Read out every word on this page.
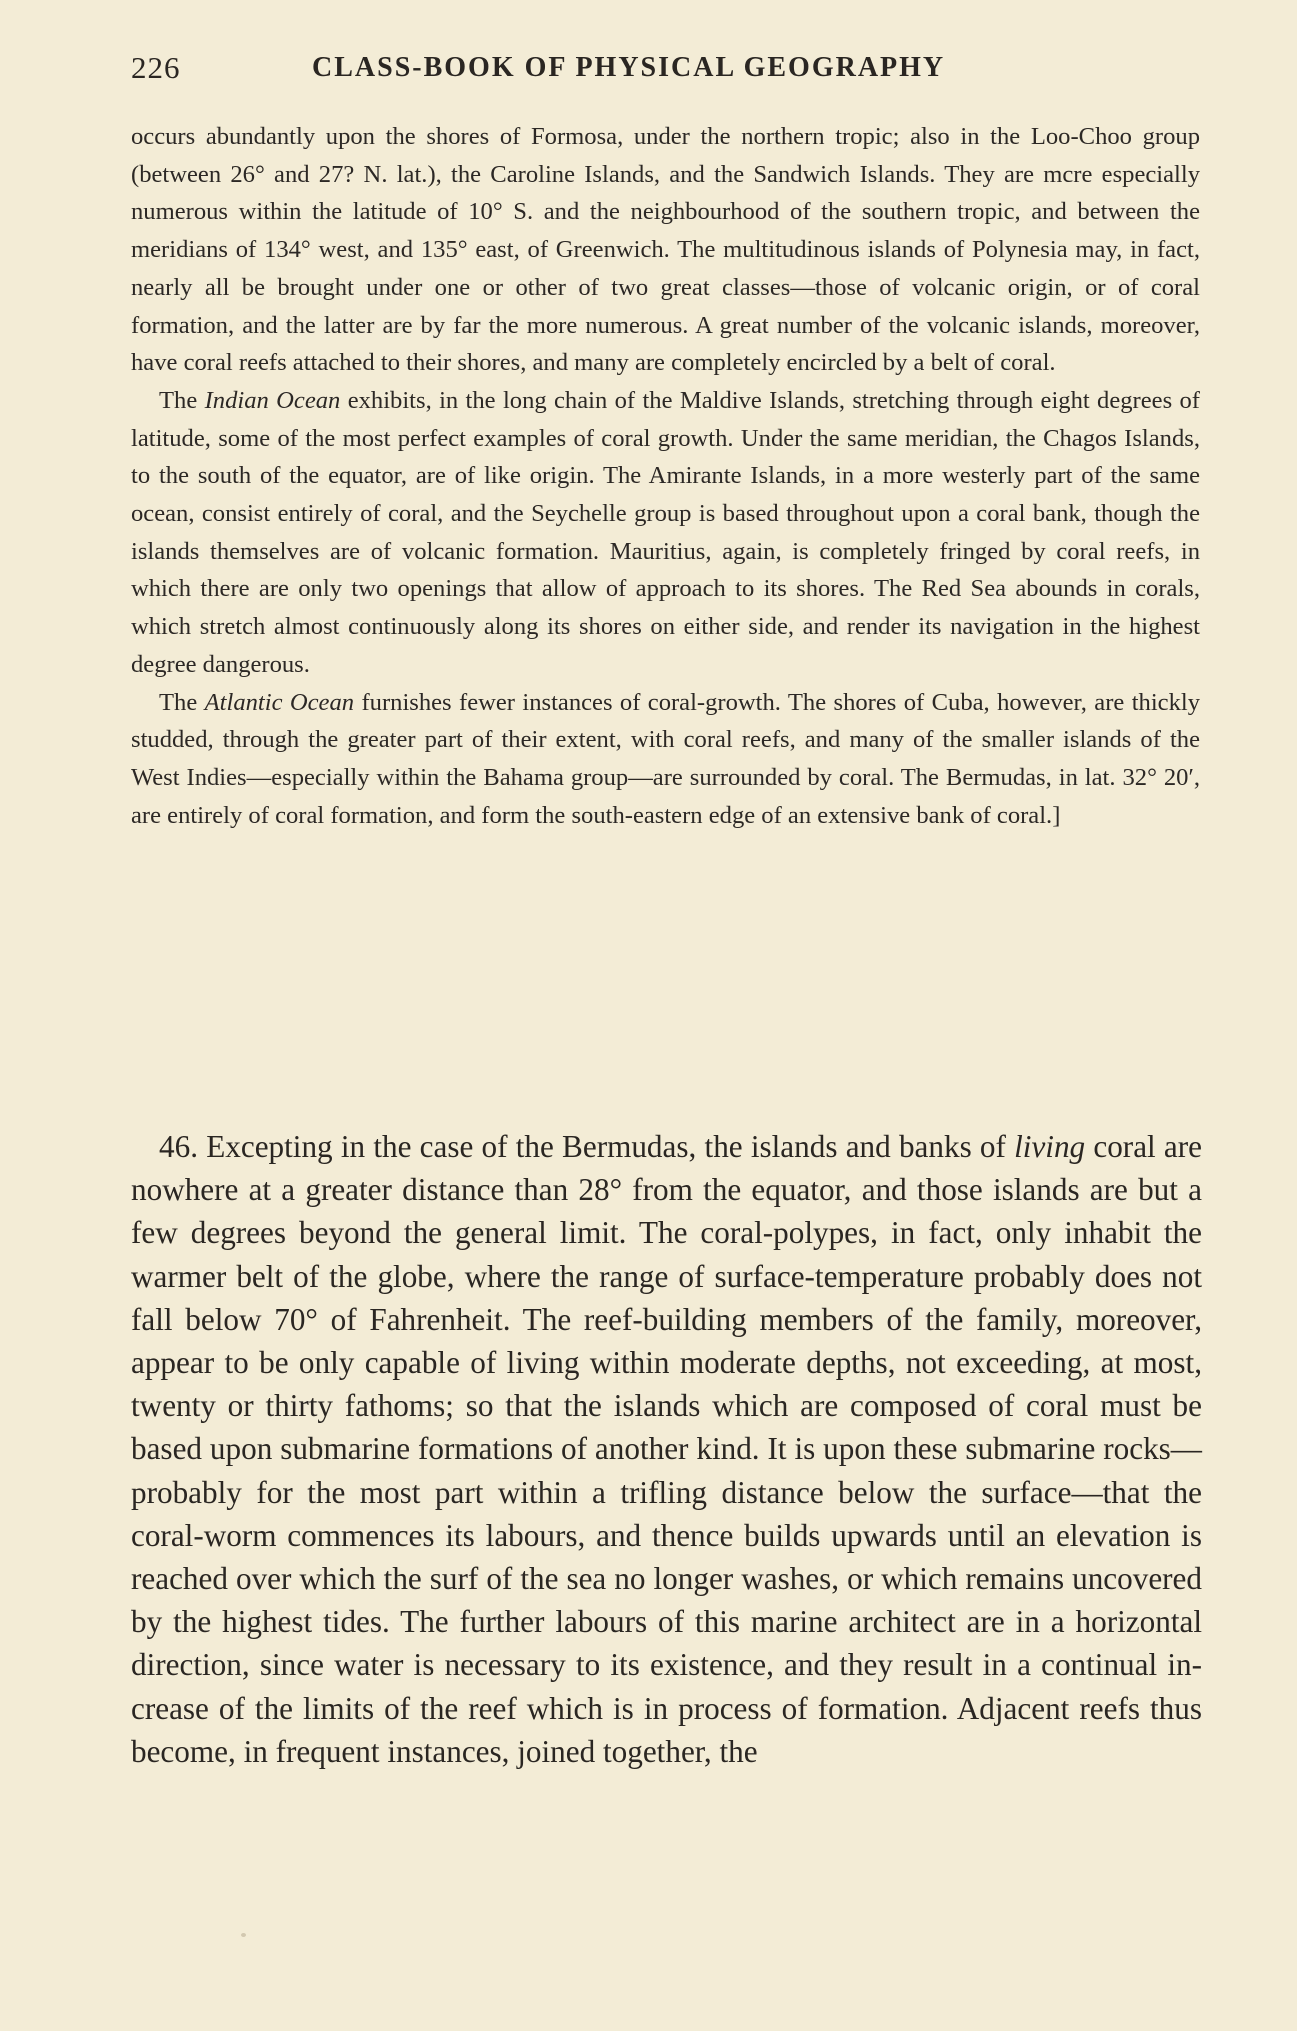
226	CLASS-BOOK OF PHYSICAL GEOGRAPHY

occurs abundantly upon the shores of Formosa, under the northern tropic; also in the Loo-Choo group (between 26° and 27? N. lat.), the Caroline Islands, and the Sandwich Islands. They are mcre especially numerous within the latitude of 10° S. and the neighbourhood of the southern tropic, and between the meridians of 134° west, and 135° east, of Greenwich. The multitudinous islands of Polynesia may, in fact, nearly all be brought under one or other of two great classes—those of volcanic origin, or of coral formation, and the latter are by far the more numerous. A great number of the volcanic islands, moreover, have coral reefs attached to their shores, and many are completely encircled by a belt of coral.

The Indian Ocean exhibits, in the long chain of the Maldive Islands, stretching through eight degrees of latitude, some of the most perfect examples of coral growth. Under the same meridian, the Chagos Islands, to the south of the equator, are of like origin. The Amirante Islands, in a more westerly part of the same ocean, consist entirely of coral, and the Seychelle group is based throughout upon a coral bank, though the islands themselves are of volcanic formation. Mauritius, again, is completely fringed by coral reefs, in which there are only two openings that allow of approach to its shores. The Red Sea abounds in corals, which stretch almost continuously along its shores on either side, and render its navigation in the highest degree dangerous.

The Atlantic Ocean furnishes fewer instances of coral-growth. The shores of Cuba, however, are thickly studded, through the greater part of their extent, with coral reefs, and many of the smaller islands of the West Indies—especially within the Bahama group—are surrounded by coral. The Bermudas, in lat. 32° 20′, are entirely of coral formation, and form the south-eastern edge of an extensive bank of coral.]

46. Excepting in the case of the Bermudas, the islands and banks of living coral are nowhere at a greater distance than 28° from the equator, and those islands are but a few degrees beyond the general limit. The coral-polypes, in fact, only inhabit the warmer belt of the globe, where the range of surface-temperature probably does not fall below 70° of Fahrenheit. The reef-building members of the family, moreover, appear to be only capable of living within moderate depths, not exceeding, at most, twenty or thirty fathoms; so that the islands which are composed of coral must be based upon submarine formations of another kind. It is upon these submarine rocks—probably for the most part within a trifling distance below the surface—that the coral-worm commences its labours, and thence builds upwards until an elevation is reached over which the surf of the sea no longer washes, or which remains uncovered by the highest tides. The further labours of this marine architect are in a horizontal direction, since water is necessary to its existence, and they result in a continual increase of the limits of the reef which is in process of formation. Adjacent reefs thus become, in frequent instances, joined together, the
